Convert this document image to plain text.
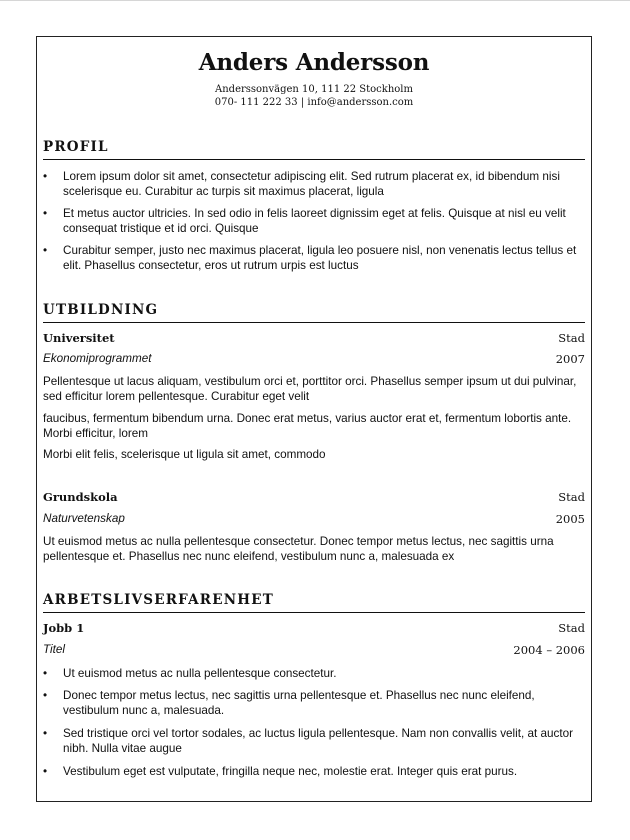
Anders Andersson
Anderssonvägen 10, 111 22 Stockholm
070- 111 222 33 | info@andersson.com
PROFIL
•	Lorem ipsum dolor sit amet, consectetur adipiscing elit. Sed rutrum placerat ex, id bibendum nisi scelerisque eu. Curabitur ac turpis sit maximus placerat, ligula
•	Et metus auctor ultricies. In sed odio in felis laoreet dignissim eget at felis. Quisque at nisl eu velit consequat tristique et id orci. Quisque
•	Curabitur semper, justo nec maximus placerat, ligula leo posuere nisl, non venenatis lectus tellus et elit. Phasellus consectetur, eros ut rutrum urpis est luctus
UTBILDNING
Universitet	Stad
Ekonomiprogrammet	2007

Pellentesque ut lacus aliquam, vestibulum orci et, porttitor orci. Phasellus semper ipsum ut dui pulvinar, sed efficitur lorem pellentesque. Curabitur eget velit

faucibus, fermentum bibendum urna. Donec erat metus, varius auctor erat et, fermentum lobortis ante. Morbi efficitur, lorem

Morbi elit felis, scelerisque ut ligula sit amet, commodo

Grundskola	Stad
Naturvetenskap	2005

Ut euismod metus ac nulla pellentesque consectetur. Donec tempor metus lectus, nec sagittis urna pellentesque et. Phasellus nec nunc eleifend, vestibulum nunc a, malesuada ex

ARBETSLIVSERFARENHET
Jobb 1	Stad
Titel	2004 – 2006
•	Ut euismod metus ac nulla pellentesque consectetur.
•	Donec tempor metus lectus, nec sagittis urna pellentesque et. Phasellus nec nunc eleifend, vestibulum nunc a, malesuada.
•	Sed tristique orci vel tortor sodales, ac luctus ligula pellentesque. Nam non convallis velit, at auctor nibh. Nulla vitae augue
•	Vestibulum eget est vulputate, fringilla neque nec, molestie erat. Integer quis erat purus.
